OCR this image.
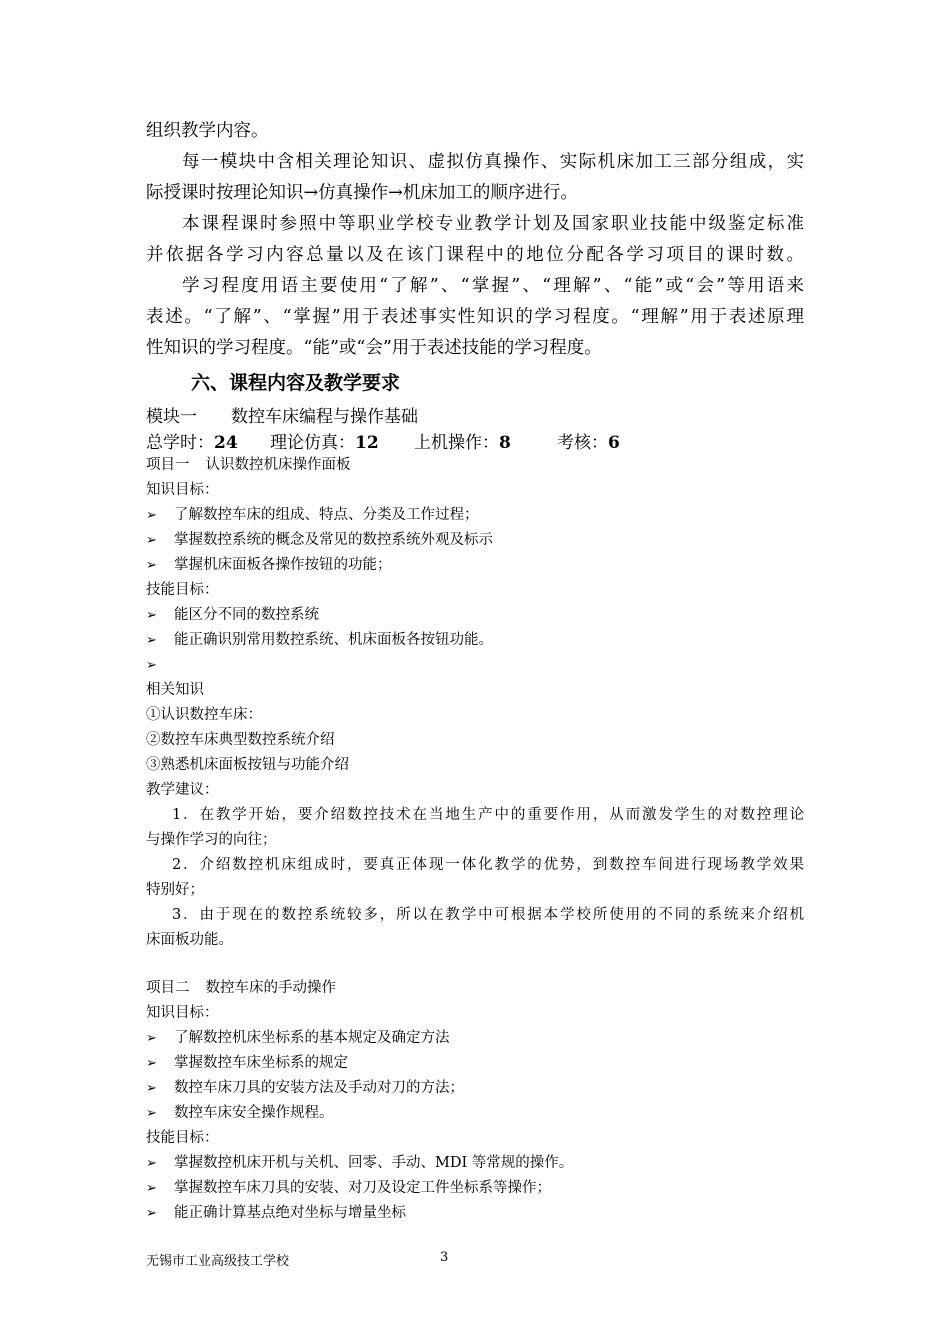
组织教学内容。
每一模块中含相关理论知识、虚拟仿真操作、实际机床加工三部分组成，实
际授课时按理论知识→仿真操作→机床加工的顺序进行。
本课程课时参照中等职业学校专业教学计划及国家职业技能中级鉴定标准
并依据各学习内容总量以及在该门课程中的地位分配各学习项目的课时数。
学习程度用语主要使用“了解”、“掌握”、“理解”、“能”或“会”等用语来
表述。“了解”、“掌握”用于表述事实性知识的学习程度。“理解”用于表述原理
性知识的学习程度。“能”或“会”用于表述技能的学习程度。
六、课程内容及教学要求
模块一 数控车床编程与操作基础
总学时：24 理论仿真：12 上机操作：8	考核：6
项目一 认识数控机床操作面板
知识目标：
➢ 了解数控车床的组成、特点、分类及工作过程；
➢ 掌握数控系统的概念及常见的数控系统外观及标示
➢ 掌握机床面板各操作按钮的功能；
技能目标：
➢ 能区分不同的数控系统
➢ 能正确识别常用数控系统、机床面板各按钮功能。
➢
相关知识
①认识数控车床：
②数控车床典型数控系统介绍
③熟悉机床面板按钮与功能介绍
教学建议：
1．在教学开始，要介绍数控技术在当地生产中的重要作用，从而激发学生的对数控理论
与操作学习的向往；
2．介绍数控机床组成时，要真正体现一体化教学的优势，到数控车间进行现场教学效果
特别好；
3．由于现在的数控系统较多，所以在教学中可根据本学校所使用的不同的系统来介绍机
床面板功能。
项目二 数控车床的手动操作
知识目标：
➢ 了解数控机床坐标系的基本规定及确定方法
➢ 掌握数控车床坐标系的规定
➢ 数控车床刀具的安装方法及手动对刀的方法；
➢ 数控车床安全操作规程。
技能目标：
➢ 掌握数控机床开机与关机、回零、手动、MDI 等常规的操作。
➢ 掌握数控车床刀具的安装、对刀及设定工件坐标系等操作；
➢ 能正确计算基点绝对坐标与增量坐标
无锡市工业高级技工学校	3
